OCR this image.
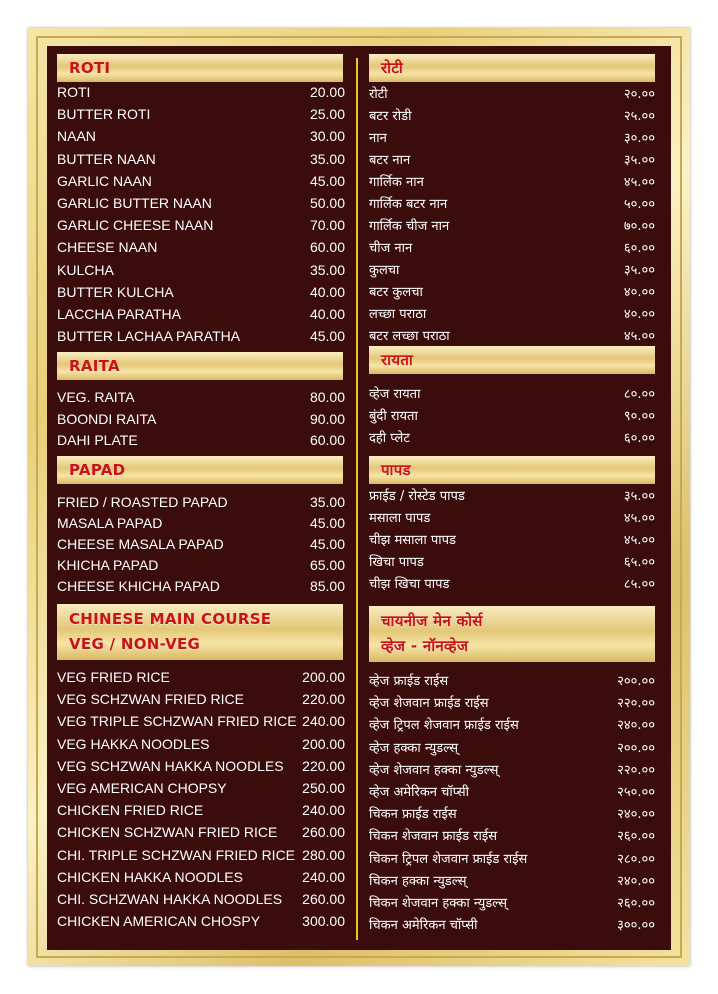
ROTI
ROTI	20.00
BUTTER ROTI	25.00
NAAN	30.00
BUTTER NAAN	35.00
GARLIC NAAN	45.00
GARLIC BUTTER NAAN	50.00
GARLIC CHEESE NAAN	70.00
CHEESE NAAN	60.00
KULCHA	35.00
BUTTER KULCHA	40.00
LACCHA PARATHA	40.00
BUTTER LACHAA PARATHA	45.00
RAITA
VEG. RAITA	80.00
BOONDI RAITA	90.00
DAHI PLATE	60.00
PAPAD
FRIED / ROASTED PAPAD	35.00
MASALA PAPAD	45.00
CHEESE MASALA PAPAD	45.00
KHICHA PAPAD	65.00
CHEESE KHICHA PAPAD	85.00
CHINESE MAIN COURSE
VEG / NON-VEG
VEG FRIED RICE	200.00
VEG SCHZWAN FRIED RICE	220.00
VEG TRIPLE SCHZWAN FRIED RICE 240.00
VEG HAKKA NOODLES	200.00
VEG SCHZWAN HAKKA NOODLES 220.00
VEG AMERICAN CHOPSY	250.00
CHICKEN FRIED RICE	240.00
CHICKEN SCHZWAN FRIED RICE 260.00
CHI. TRIPLE SCHZWAN FRIED RICE 280.00
CHICKEN HAKKA NOODLES	240.00
CHI. SCHZWAN HAKKA NOODLES 260.00
CHICKEN AMERICAN CHOSPY	300.00
रोटी
रोटी	२०.००
बटर रोडी	२५.००
नान	३०.००
बटर नान	३५.००
गार्लिक नान	४५.००
गार्लिक बटर नान	५०.००
गार्लिक चीज नान	७०.००
चीज नान	६०.००
कुलचा	३५.००
बटर कुलचा	४०.००
लच्छा पराठा	४०.००
बटर लच्छा पराठा	४५.००
रायता
व्हेज रायता	८०.००
बुंदी रायता	९०.००
दही प्लेट	६०.००
पापड
फ्राईड / रोस्टेड पापड	३५.००
मसाला पापड	४५.००
चीझ मसाला पापड	४५.००
खिचा पापड	६५.००
चीझ खिचा पापड	८५.००
चायनीज मेन कोर्स
व्हेज - नॉनव्हेज
व्हेज फ्राईड राईस	२००.००
व्हेज शेजवान फ्राईड राईस	२२०.००
व्हेज ट्रिपल शेजवान फ्राईड राईस	२४०.००
व्हेज हक्का न्युडल्स्	२००.००
व्हेज शेजवान हक्का न्युडल्स्	२२०.००
व्हेज अमेरिकन चॉप्सी	२५०.००
चिकन फ्राईड राईस	२४०.००
चिकन शेजवान फ्राईड राईस	२६०.००
चिकन ट्रिपल शेजवान फ्राईड राईस	२८०.००
चिकन हक्का न्युडल्स्	२४०.००
चिकन शेजवान हक्का न्युडल्स्	२६०.००
चिकन अमेरिकन चॉप्सी	३००.००
